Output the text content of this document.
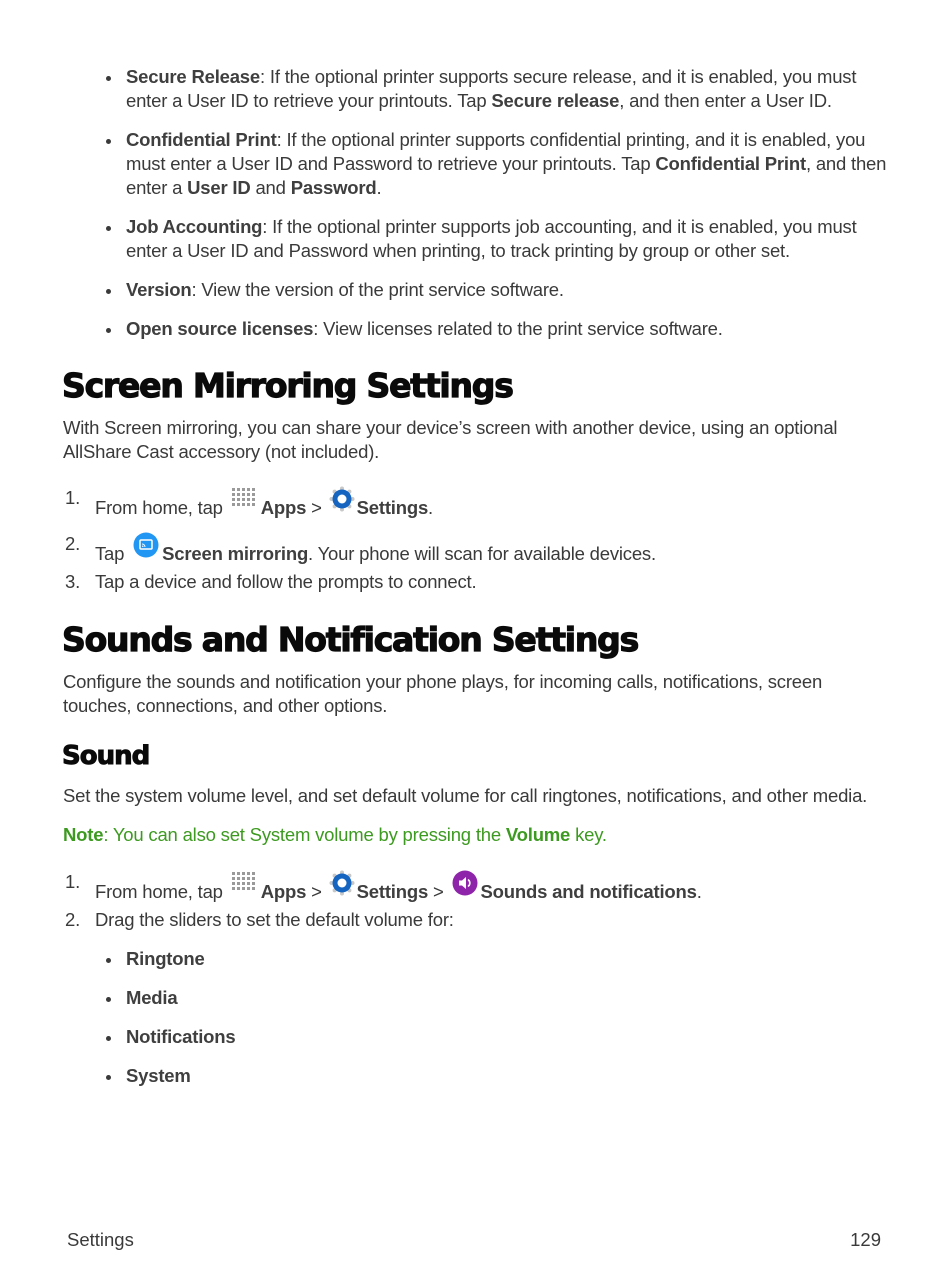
Secure Release: If the optional printer supports secure release, and it is enabled, you must enter a User ID to retrieve your printouts. Tap Secure release, and then enter a User ID.
Confidential Print: If the optional printer supports confidential printing, and it is enabled, you must enter a User ID and Password to retrieve your printouts. Tap Confidential Print, and then enter a User ID and Password.
Job Accounting: If the optional printer supports job accounting, and it is enabled, you must enter a User ID and Password when printing, to track printing by group or other set.
Version: View the version of the print service software.
Open source licenses: View licenses related to the print service software.
Screen Mirroring Settings

With Screen mirroring, you can share your device’s screen with another device, using an optional AllShare Cast accessory (not included).

1. From home, tap Apps > Settings.
2. Tap Screen mirroring. Your phone will scan for available devices.
3. Tap a device and follow the prompts to connect.
Sounds and Notification Settings

Configure the sounds and notification your phone plays, for incoming calls, notifications, screen touches, connections, and other options.

Sound

Set the system volume level, and set default volume for call ringtones, notifications, and other media.

Note: You can also set System volume by pressing the Volume key.

1. From home, tap Apps > Settings > Sounds and notifications.
2. Drag the sliders to set the default volume for:
Ringtone
Media
Notifications
System
Settings	129
